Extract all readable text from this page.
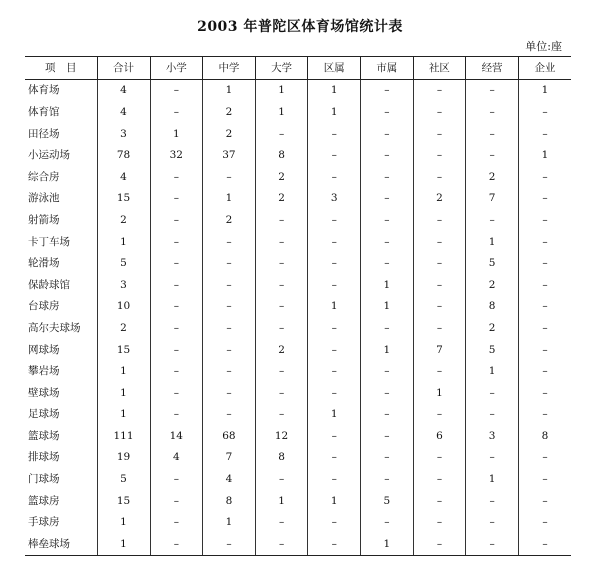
2003 年普陀区体育场馆统计表
单位:座
项　目	合计	小学	中学	大学	区属	市属	社区	经营	企业
体育场	4	–	1	1	1	–	–	–	1
体育馆	4	–	2	1	1	–	–	–	–
田径场	3	1	2	–	–	–	–	–	–
小运动场	78	32	37	8	–	–	–	–	1
综合房	4	–	–	2	–	–	–	2	–
游泳池	15	–	1	2	3	–	2	7	–
射箭场	2	–	2	–	–	–	–	–	–
卡丁车场	1	–	–	–	–	–	–	1	–
轮滑场	5	–	–	–	–	–	–	5	–
保龄球馆	3	–	–	–	–	1	–	2	–
台球房	10	–	–	–	1	1	–	8	–
高尔夫球场	2	–	–	–	–	–	–	2	–
网球场	15	–	–	2	–	1	7	5	–
攀岩场	1	–	–	–	–	–	–	1	–
壁球场	1	–	–	–	–	–	1	–	–
足球场	1	–	–	–	1	–	–	–	–
篮球场	111	14	68	12	–	–	6	3	8
排球场	19	4	7	8	–	–	–	–	–
门球场	5	–	4	–	–	–	–	1	–
篮球房	15	–	8	1	1	5	–	–	–
手球房	1	–	1	–	–	–	–	–	–
棒垒球场	1	–	–	–	–	1	–	–	–
